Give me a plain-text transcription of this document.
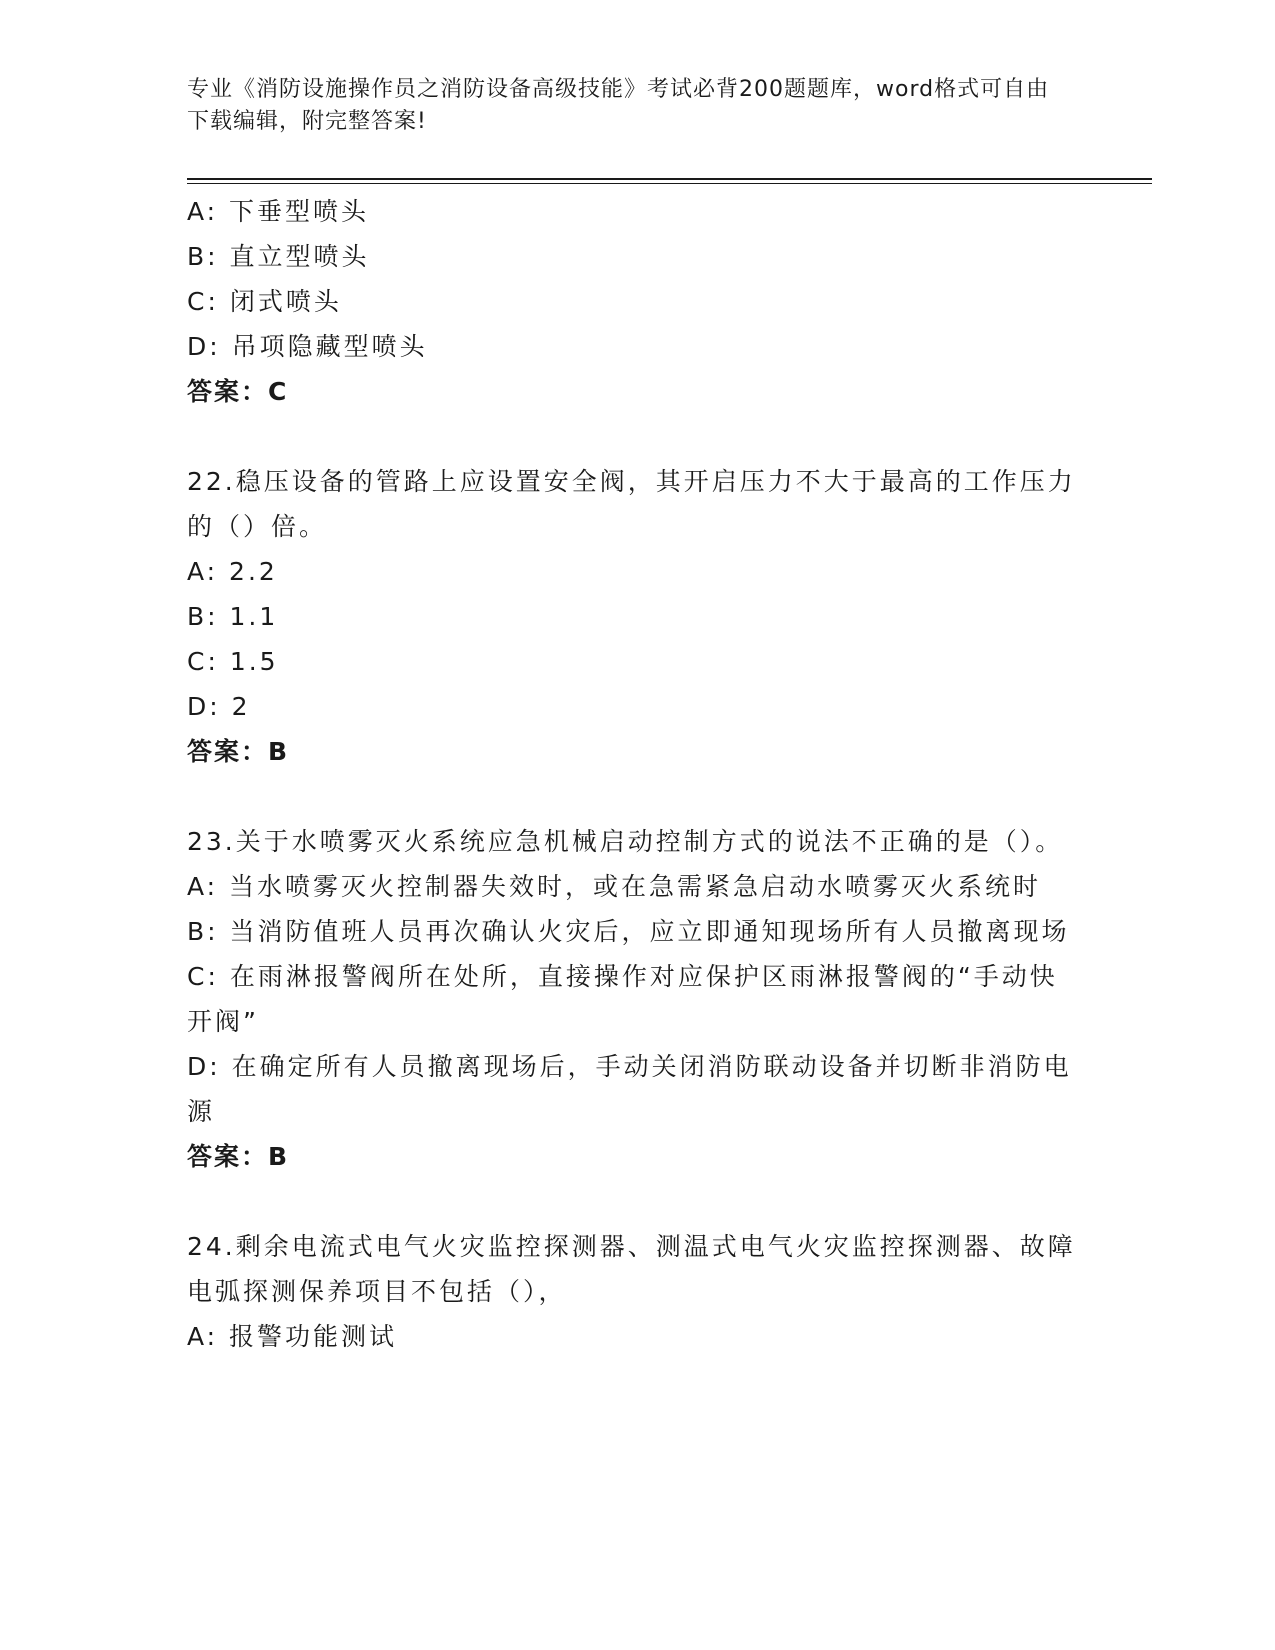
专业《消防设施操作员之消防设备高级技能》考试必背200题题库，word格式可自由下载编辑，附完整答案!
A: 下垂型喷头
B: 直立型喷头
C: 闭式喷头
D: 吊项隐藏型喷头
答案：C
22.稳压设备的管路上应设置安全阀，其开启压力不大于最高的工作压力的（）倍。
A: 2.2
B: 1.1
C: 1.5
D: 2
答案：B
23.关于水喷雾灭火系统应急机械启动控制方式的说法不正确的是（）。
A: 当水喷雾灭火控制器失效时，或在急需紧急启动水喷雾灭火系统时
B: 当消防值班人员再次确认火灾后，应立即通知现场所有人员撤离现场
C: 在雨淋报警阀所在处所，直接操作对应保护区雨淋报警阀的“手动快开阀”
D: 在确定所有人员撤离现场后，手动关闭消防联动设备并切断非消防电源
答案：B
24.剩余电流式电气火灾监控探测器、测温式电气火灾监控探测器、故障电弧探测保养项目不包括（），
A: 报警功能测试
